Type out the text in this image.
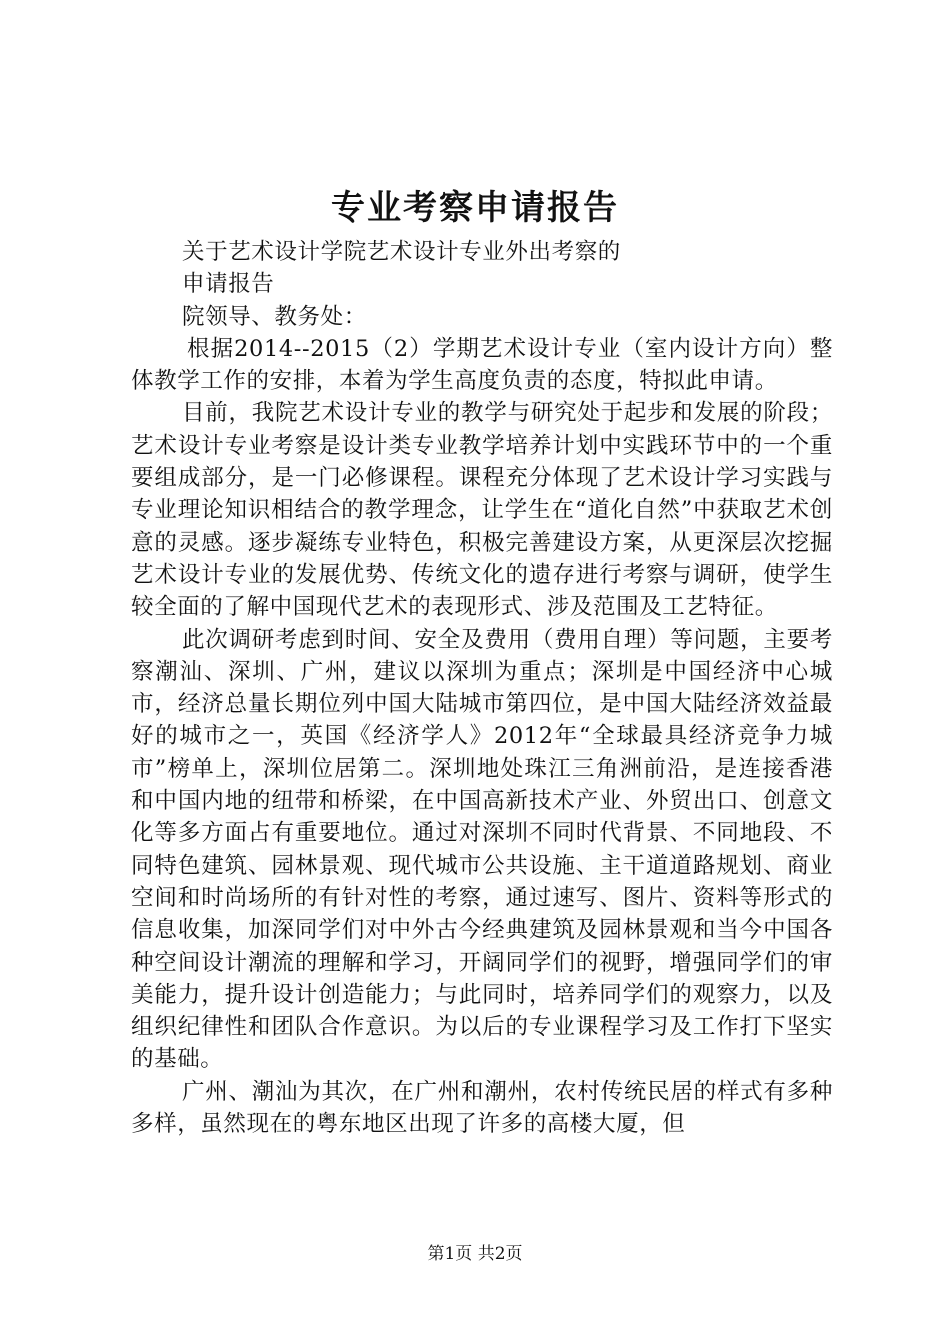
专业考察申请报告

关于艺术设计学院艺术设计专业外出考察的

申请报告

院领导、教务处：

根据2014--2015（2）学期艺术设计专业（室内设计方向）整体教学工作的安排，本着为学生高度负责的态度，特拟此申请。

目前，我院艺术设计专业的教学与研究处于起步和发展的阶段；艺术设计专业考察是设计类专业教学培养计划中实践环节中的一个重要组成部分，是一门必修课程。课程充分体现了艺术设计学习实践与专业理论知识相结合的教学理念，让学生在“道化自然”中获取艺术创意的灵感。逐步凝练专业特色，积极完善建设方案，从更深层次挖掘艺术设计专业的发展优势、传统文化的遗存进行考察与调研，使学生较全面的了解中国现代艺术的表现形式、涉及范围及工艺特征。

此次调研考虑到时间、安全及费用（费用自理）等问题，主要考察潮汕、深圳、广州，建议以深圳为重点；深圳是中国经济中心城市，经济总量长期位列中国大陆城市第四位，是中国大陆经济效益最好的城市之一，英国《经济学人》2012年“全球最具经济竞争力城市”榜单上，深圳位居第二。深圳地处珠江三角洲前沿，是连接香港和中国内地的纽带和桥梁，在中国高新技术产业、外贸出口、创意文化等多方面占有重要地位。通过对深圳不同时代背景、不同地段、不同特色建筑、园林景观、现代城市公共设施、主干道道路规划、商业空间和时尚场所的有针对性的考察，通过速写、图片、资料等形式的信息收集，加深同学们对中外古今经典建筑及园林景观和当今中国各种空间设计潮流的理解和学习，开阔同学们的视野，增强同学们的审美能力，提升设计创造能力；与此同时，培养同学们的观察力，以及组织纪律性和团队合作意识。为以后的专业课程学习及工作打下坚实的基础。

广州、潮汕为其次，在广州和潮州，农村传统民居的样式有多种多样，虽然现在的粤东地区出现了许多的高楼大厦，但

第1页 共2页
